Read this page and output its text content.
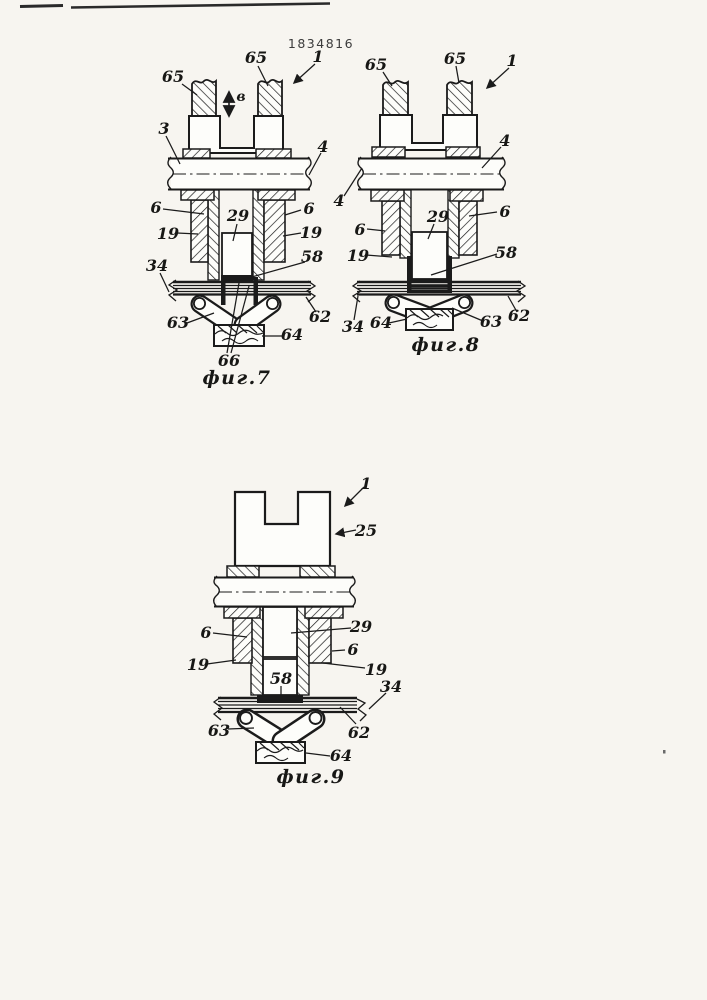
1834816
65
65	1
в
3
4
6	6
19	19
29
34	58
62
63
64
66
фиг.7
65	65	1
4
4
6
6
19
29
58
34
62
63
64
фиг.8
1
25
6
6
19	19
29
58	34
62
63
64
фиг.9
